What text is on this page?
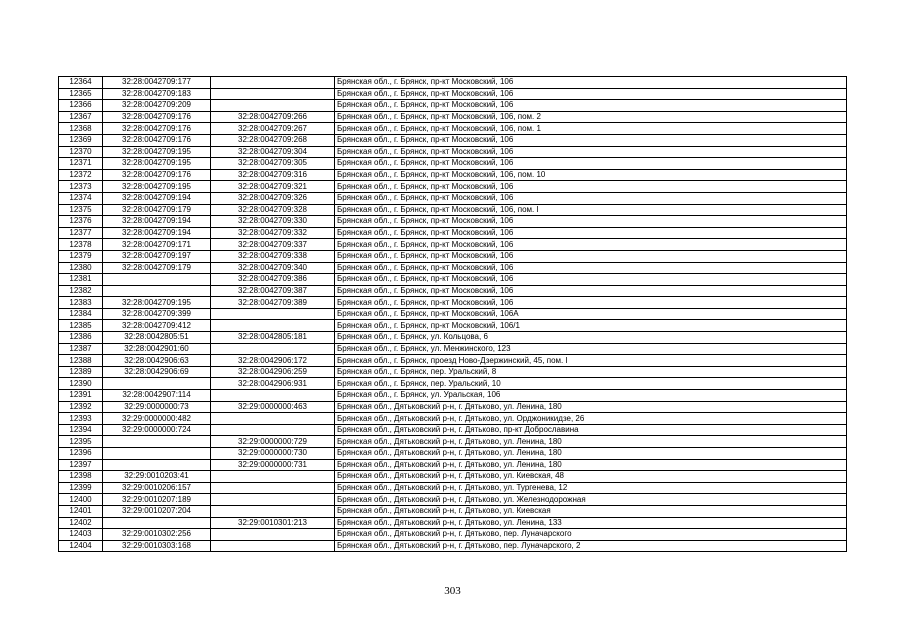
12364	32:28:0042709:177		Брянская обл., г. Брянск, пр-кт Московский, 106
12365	32:28:0042709:183		Брянская обл., г. Брянск, пр-кт Московский, 106
12366	32:28:0042709:209		Брянская обл., г. Брянск, пр-кт Московский, 106
12367	32:28:0042709:176	32:28:0042709:266	Брянская обл., г. Брянск, пр-кт Московский, 106, пом. 2
12368	32:28:0042709:176	32:28:0042709:267	Брянская обл., г. Брянск, пр-кт Московский, 106, пом. 1
12369	32:28:0042709:176	32:28:0042709:268	Брянская обл., г. Брянск, пр-кт Московский, 106
12370	32:28:0042709:195	32:28:0042709:304	Брянская обл., г. Брянск, пр-кт Московский, 106
12371	32:28:0042709:195	32:28:0042709:305	Брянская обл., г. Брянск, пр-кт Московский, 106
12372	32:28:0042709:176	32:28:0042709:316	Брянская обл., г. Брянск, пр-кт Московский, 106, пом. 10
12373	32:28:0042709:195	32:28:0042709:321	Брянская обл., г. Брянск, пр-кт Московский, 106
12374	32:28:0042709:194	32:28:0042709:326	Брянская обл., г. Брянск, пр-кт Московский, 106
12375	32:28:0042709:179	32:28:0042709:328	Брянская обл., г. Брянск, пр-кт Московский, 106, пом. I
12376	32:28:0042709:194	32:28:0042709:330	Брянская обл., г. Брянск, пр-кт Московский, 106
12377	32:28:0042709:194	32:28:0042709:332	Брянская обл., г. Брянск, пр-кт Московский, 106
12378	32:28:0042709:171	32:28:0042709:337	Брянская обл., г. Брянск, пр-кт Московский, 106
12379	32:28:0042709:197	32:28:0042709:338	Брянская обл., г. Брянск, пр-кт Московский, 106
12380	32:28:0042709:179	32:28:0042709:340	Брянская обл., г. Брянск, пр-кт Московский, 106
12381		32:28:0042709:386	Брянская обл., г. Брянск, пр-кт Московский, 106
12382		32:28:0042709:387	Брянская обл., г. Брянск, пр-кт Московский, 106
12383	32:28:0042709:195	32:28:0042709:389	Брянская обл., г. Брянск, пр-кт Московский, 106
12384	32:28:0042709:399		Брянская обл., г. Брянск, пр-кт Московский, 106А
12385	32:28:0042709:412		Брянская обл., г. Брянск, пр-кт Московский, 106/1
12386	32:28:0042805:51	32:28:0042805:181	Брянская обл., г. Брянск, ул. Кольцова, 6
12387	32:28:0042901:60		Брянская обл., г. Брянск, ул. Менжинского, 123
12388	32:28:0042906:63	32:28:0042906:172	Брянская обл., г. Брянск, проезд Ново-Дзержинский, 45, пом. I
12389	32:28:0042906:69	32:28:0042906:259	Брянская обл., г. Брянск, пер. Уральский, 8
12390		32:28:0042906:931	Брянская обл., г. Брянск, пер. Уральский, 10
12391	32:28:0042907:114		Брянская обл., г. Брянск, ул. Уральская, 106
12392	32:29:0000000:73	32:29:0000000:463	Брянская обл., Дятьковский р-н, г. Дятьково, ул. Ленина, 180
12393	32:29:0000000:482		Брянская обл., Дятьковский р-н, г. Дятьково, ул. Орджоникидзе, 26
12394	32:29:0000000:724		Брянская обл., Дятьковский р-н, г. Дятьково, пр-кт Доброславина
12395		32:29:0000000:729	Брянская обл., Дятьковский р-н, г. Дятьково, ул. Ленина, 180
12396		32:29:0000000:730	Брянская обл., Дятьковский р-н, г. Дятьково, ул. Ленина, 180
12397		32:29:0000000:731	Брянская обл., Дятьковский р-н, г. Дятьково, ул. Ленина, 180
12398	32:29:0010203:41		Брянская обл., Дятьковский р-н, г. Дятьково, ул. Киевская, 48
12399	32:29:0010206:157		Брянская обл., Дятьковский р-н, г. Дятьково, ул. Тургенева, 12
12400	32:29:0010207:189		Брянская обл., Дятьковский р-н, г. Дятьково, ул. Железнодорожная
12401	32:29:0010207:204		Брянская обл., Дятьковский р-н, г. Дятьково, ул. Киевская
12402		32:29:0010301:213	Брянская обл., Дятьковский р-н, г. Дятьково, ул. Ленина, 133
12403	32:29:0010302:256		Брянская обл., Дятьковский р-н, г. Дятьково, пер. Луначарского
12404	32:29:0010303:168		Брянская обл., Дятьковский р-н, г. Дятьково, пер. Луначарского, 2
303
